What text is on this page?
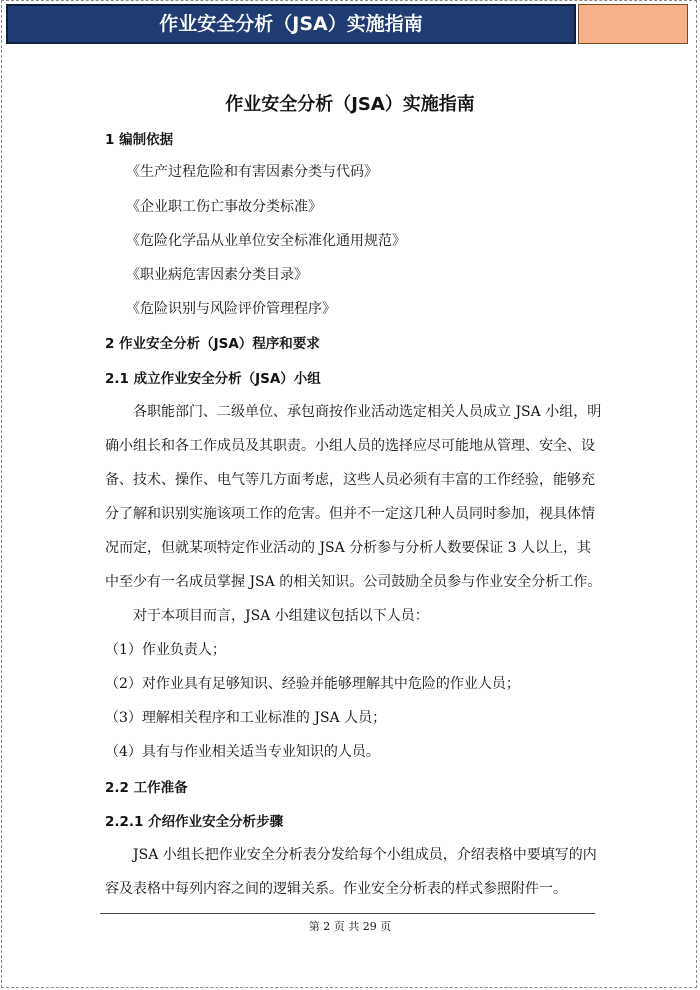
作业安全分析（JSA）实施指南
作业安全分析（JSA）实施指南
1 编制依据
《生产过程危险和有害因素分类与代码》
《企业职工伤亡事故分类标准》
《危险化学品从业单位安全标准化通用规范》
《职业病危害因素分类目录》
《危险识别与风险评价管理程序》
2 作业安全分析（JSA）程序和要求
2.1 成立作业安全分析（JSA）小组
各职能部门、二级单位、承包商按作业活动选定相关人员成立 JSA 小组，明
确小组长和各工作成员及其职责。小组人员的选择应尽可能地从管理、安全、设
备、技术、操作、电气等几方面考虑，这些人员必须有丰富的工作经验，能够充
分了解和识别实施该项工作的危害。但并不一定这几种人员同时参加，视具体情
况而定，但就某项特定作业活动的 JSA 分析参与分析人数要保证 3 人以上，其
中至少有一名成员掌握 JSA 的相关知识。公司鼓励全员参与作业安全分析工作。
对于本项目而言，JSA 小组建议包括以下人员：
（1）作业负责人；
（2）对作业具有足够知识、经验并能够理解其中危险的作业人员；
（3）理解相关程序和工业标准的 JSA 人员；
（4）具有与作业相关适当专业知识的人员。
2.2 工作准备
2.2.1 介绍作业安全分析步骤
JSA 小组长把作业安全分析表分发给每个小组成员，介绍表格中要填写的内
容及表格中每列内容之间的逻辑关系。作业安全分析表的样式参照附件一。
第 2 页 共 29 页
